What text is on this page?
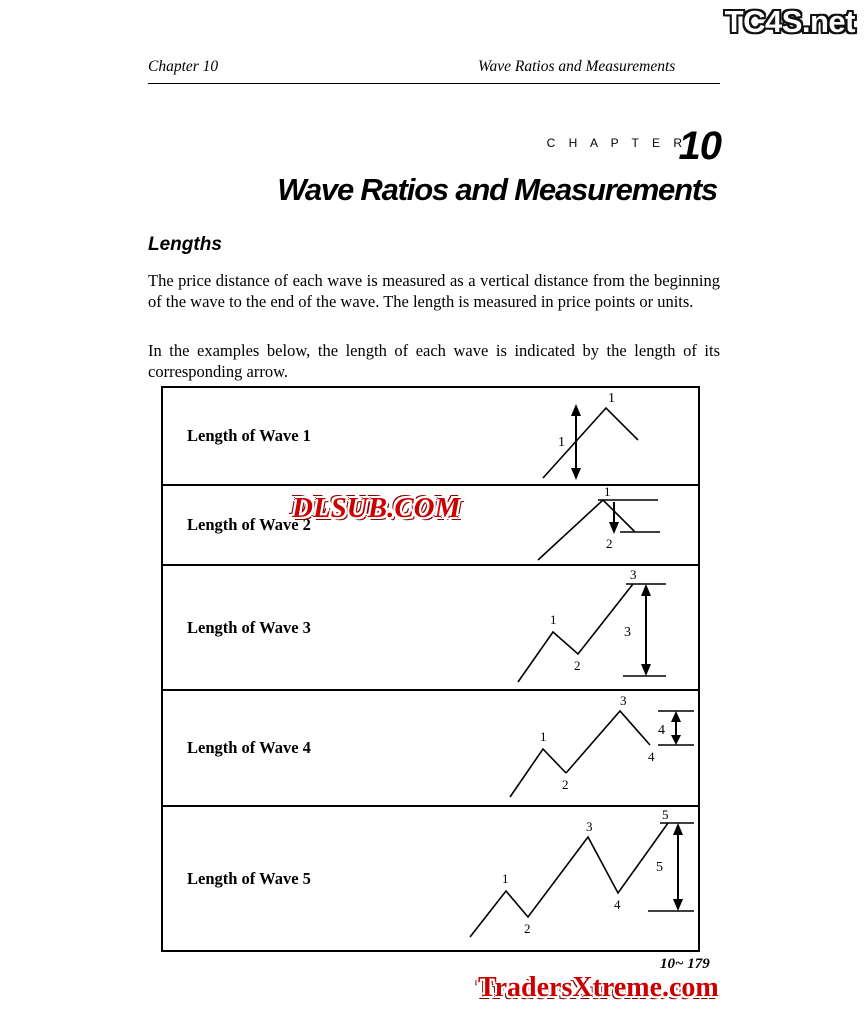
TC4S.net
Chapter 10	Wave Ratios and Measurements
C H A P T E R
10
Wave Ratios and Measurements
Lengths
The price distance of each wave is measured as a vertical distance from the beginning of the wave to the end of the wave. The length is measured in price points or units.
In the examples below, the length of each wave is indicated by the length of its corresponding arrow.
Length of Wave 1	1
1
Length of Wave 2
1
2
Length of Wave 3	1
2
3
3
Length of Wave 4
1
2
3
4
4
Length of Wave 5	1
2
3
4
5
5
DLSUB.COM
10~ 179
TradersXtreme.com
